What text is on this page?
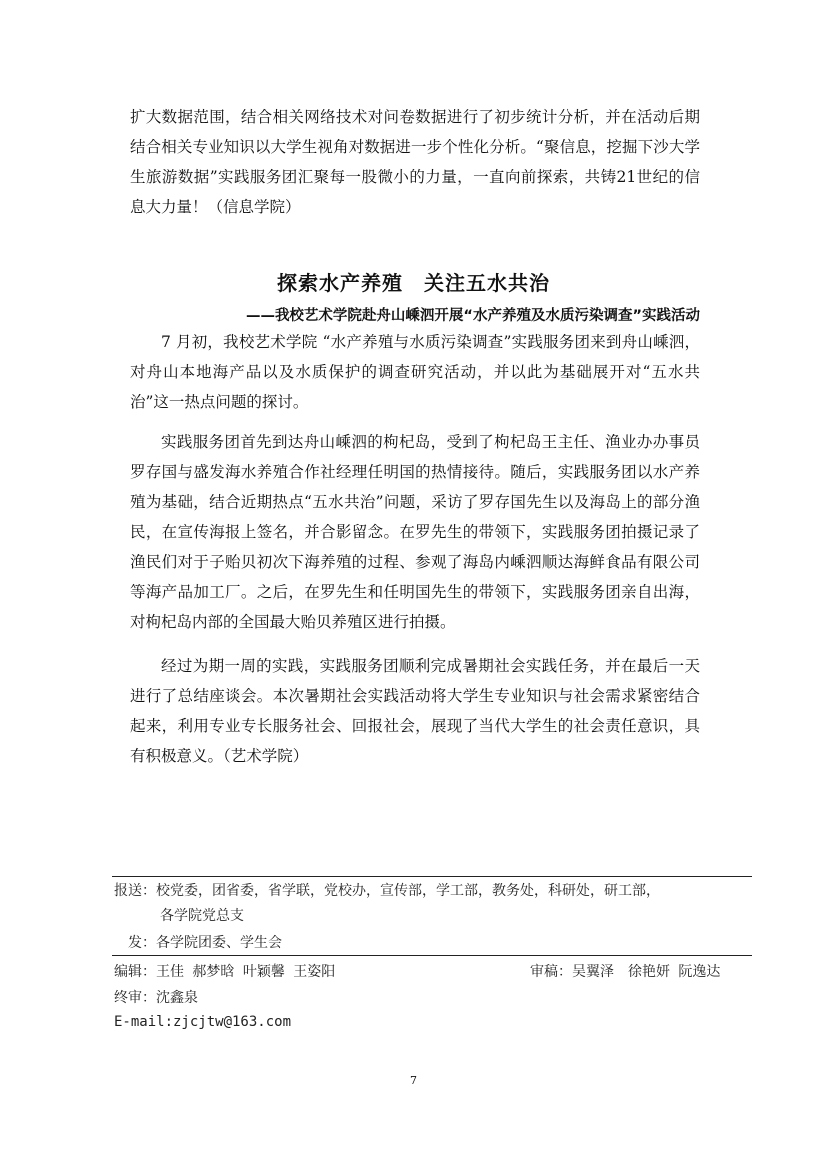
扩大数据范围，结合相关网络技术对问卷数据进行了初步统计分析，并在活动后期结合相关专业知识以大学生视角对数据进一步个性化分析。“聚信息，挖掘下沙大学生旅游数据”实践服务团汇聚每一股微小的力量，一直向前探索，共铸21世纪的信息大力量！（信息学院）

探索水产养殖　关注五水共治

——我校艺术学院赴舟山嵊泗开展“水产养殖及水质污染调查”实践活动

7 月初，我校艺术学院 “水产养殖与水质污染调查”实践服务团来到舟山嵊泗，对舟山本地海产品以及水质保护的调查研究活动，并以此为基础展开对“五水共治”这一热点问题的探讨。

实践服务团首先到达舟山嵊泗的枸杞岛，受到了枸杞岛王主任、渔业办办事员罗存国与盛发海水养殖合作社经理任明国的热情接待。随后，实践服务团以水产养殖为基础，结合近期热点“五水共治”问题，采访了罗存国先生以及海岛上的部分渔民，在宣传海报上签名，并合影留念。在罗先生的带领下，实践服务团拍摄记录了渔民们对于子贻贝初次下海养殖的过程、参观了海岛内嵊泗顺达海鲜食品有限公司等海产品加工厂。之后，在罗先生和任明国先生的带领下，实践服务团亲自出海，对枸杞岛内部的全国最大贻贝养殖区进行拍摄。

经过为期一周的实践，实践服务团顺利完成暑期社会实践任务，并在最后一天进行了总结座谈会。本次暑期社会实践活动将大学生专业知识与社会需求紧密结合起来，利用专业专长服务社会、回报社会，展现了当代大学生的社会责任意识，具有积极意义。（艺术学院）

报送：校党委，团省委，省学联，党校办，宣传部，学工部，教务处，科研处，研工部，
各学院党总支
发：各学院团委、学生会
编辑：王佳 郝梦晗 叶颖馨 王姿阳	审稿：吴翼泽　徐艳妍 阮逸达
终审：沈鑫泉
E-mail:zjcjtw@163.com
7
